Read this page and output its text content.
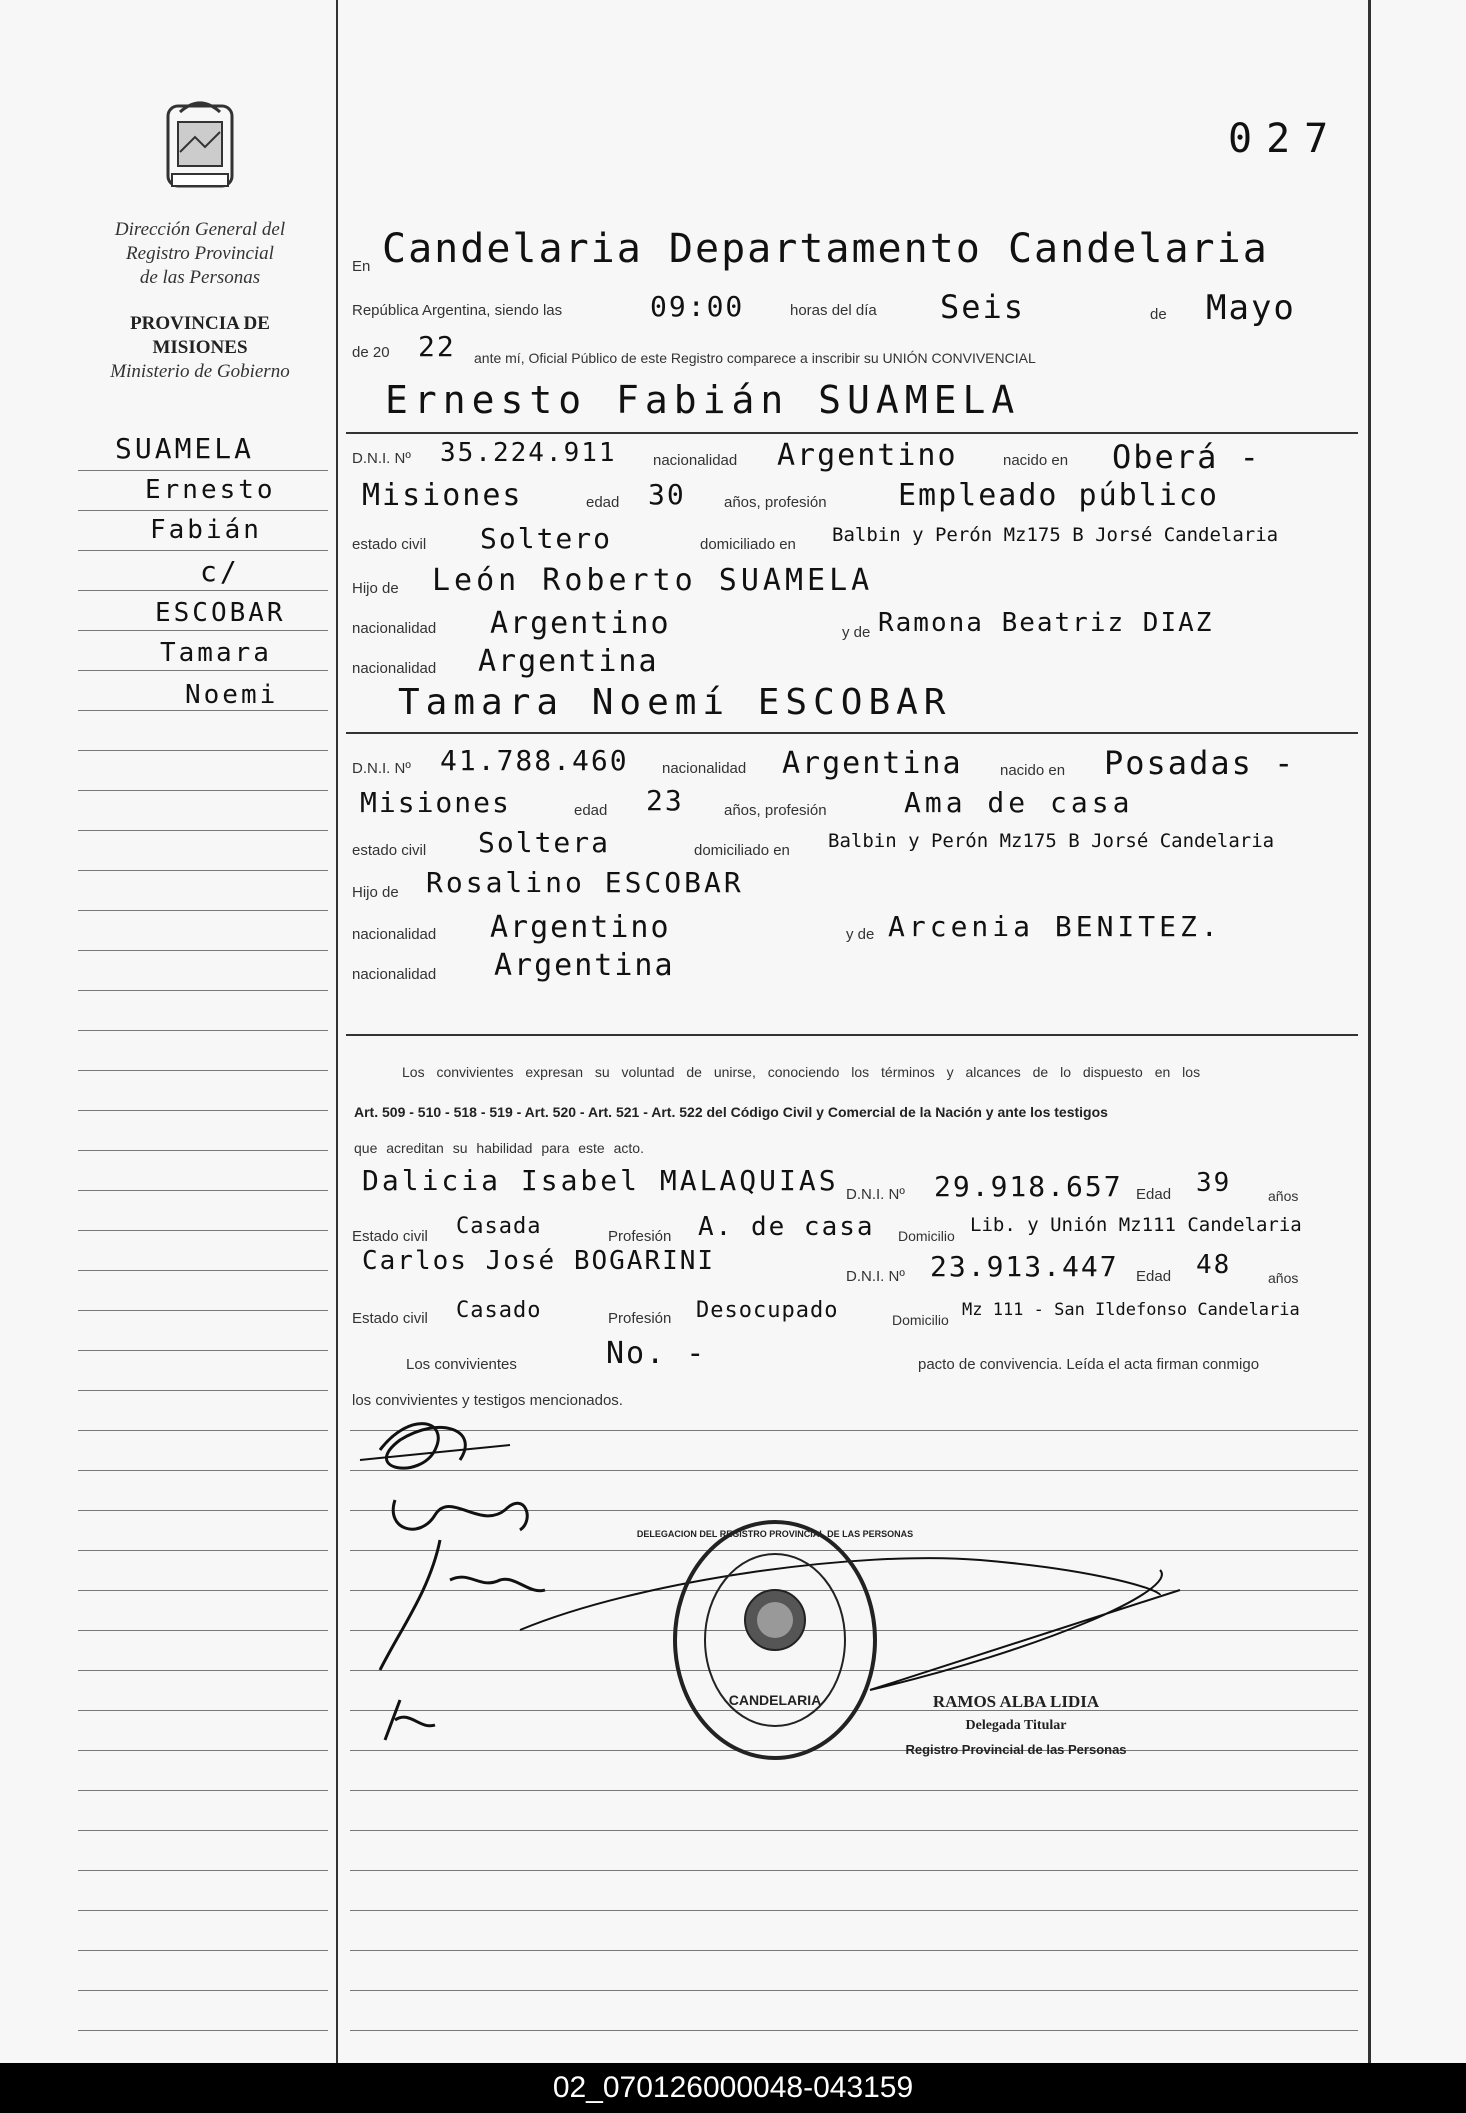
Dirección General del
Registro Provincial
de las Personas
PROVINCIA DE
MISIONES
Ministerio de Gobierno
SUAMELA
Ernesto
Fabián
c/
ESCOBAR
Tamara
Noemi
027
En Candelaria Departamento Candelaria
República Argentina, siendo las	09:00	horas del día Seis	de Mayo
de 20 22 ante mí, Oficial Público de este Registro comparece a inscribir su UNIÓN CONVIVENCIAL
Ernesto Fabián SUAMELA
D.N.I. Nº 35.224.911 nacionalidad Argentino	nacido en Oberá -
Misiones	edad 30	años, profesión Empleado público
estado civil Soltero	domiciliado en Balbin y Perón Mz175 B Jorsé Candelaria
Hijo de León Roberto SUAMELA
nacionalidad Argentino	y de Ramona Beatriz DIAZ
nacionalidad Argentina
Tamara Noemí ESCOBAR
D.N.I. Nº 41.788.460 nacionalidad Argentina nacido en Posadas -
Misiones	edad 23	años, profesión	Ama de casa
estado civil Soltera	domiciliado en Balbin y Perón Mz175 B Jorsé Candelaria
Hijo de Rosalino ESCOBAR
nacionalidad Argentino	y de Arcenia BENITEZ.
nacionalidad Argentina
Los convivientes expresan su voluntad de unirse, conociendo los términos y alcances de lo dispuesto en los
Art. 509 - 510 - 518 - 519 - Art. 520 - Art. 521 - Art. 522 del Código Civil y Comercial de la Nación y ante los testigos
que acreditan su habilidad para este acto.
Dalicia Isabel MALAQUIAS D.N.I. Nº 29.918.657 Edad 39	años
Estado civil Casada	Profesión A. de casa Domicilio Lib. y Unión Mz111 Candelaria
Carlos José BOGARINI
D.N.I. Nº 23.913.447 Edad 48	años
Estado civil Casado	Profesión Desocupado	Domicilio Mz 111 - San Ildefonso Candelaria
Los convivientes	No. -	pacto de convivencia. Leída el acta firman conmigo
los convivientes y testigos mencionados.
CANDELARIA
DELEGACION DEL REGISTRO PROVINCIAL DE LAS PERSONAS
RAMOS ALBA LIDIA
Delegada Titular
Registro Provincial de las Personas
02_070126000048-043159
